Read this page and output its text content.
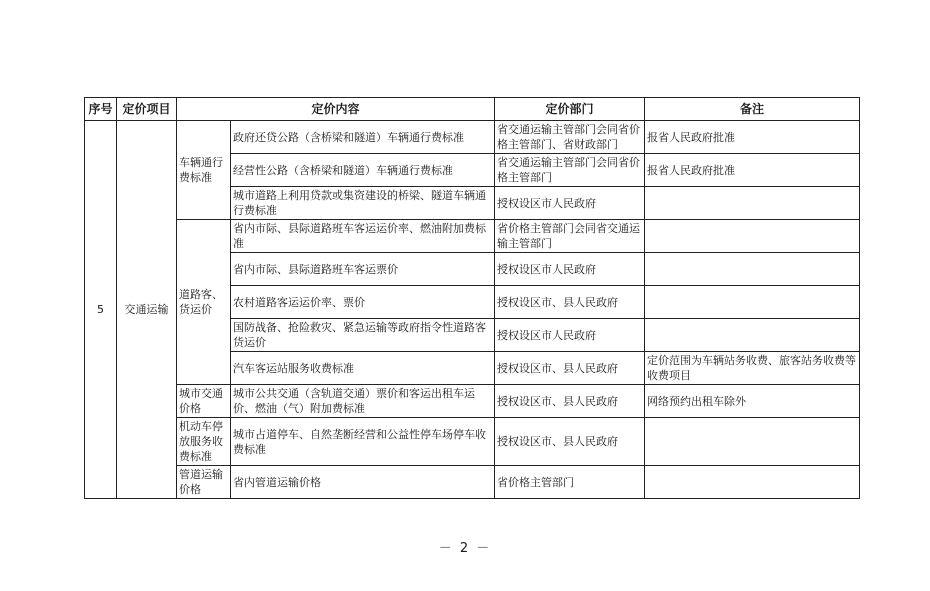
序号	定价项目	定价内容		定价部门	备注
5	交通运输	车辆通行费标准	政府还贷公路（含桥梁和隧道）车辆通行费标准	省交通运输主管部门会同省价格主管部门、省财政部门	报省人民政府批准
			经营性公路（含桥梁和隧道）车辆通行费标准	省交通运输主管部门会同省价格主管部门	报省人民政府批准
			城市道路上利用贷款或集资建设的桥梁、隧道车辆通行费标准	授权设区市人民政府	
		道路客、货运价	省内市际、县际道路班车客运运价率、燃油附加费标准	省价格主管部门会同省交通运输主管部门	
			省内市际、县际道路班车客运票价	授权设区市人民政府	
			农村道路客运运价率、票价	授权设区市、县人民政府	
			国防战备、抢险救灾、紧急运输等政府指令性道路客货运价	授权设区市人民政府	
			汽车客运站服务收费标准	授权设区市、县人民政府	定价范围为车辆站务收费、旅客站务收费等收费项目
		城市交通价格	城市公共交通（含轨道交通）票价和客运出租车运价、燃油（气）附加费标准	授权设区市、县人民政府	网络预约出租车除外
		机动车停放服务收费标准	城市占道停车、自然垄断经营和公益性停车场停车收费标准	授权设区市、县人民政府	
		管道运输价格	省内管道运输价格	省价格主管部门	
－ 2 －
